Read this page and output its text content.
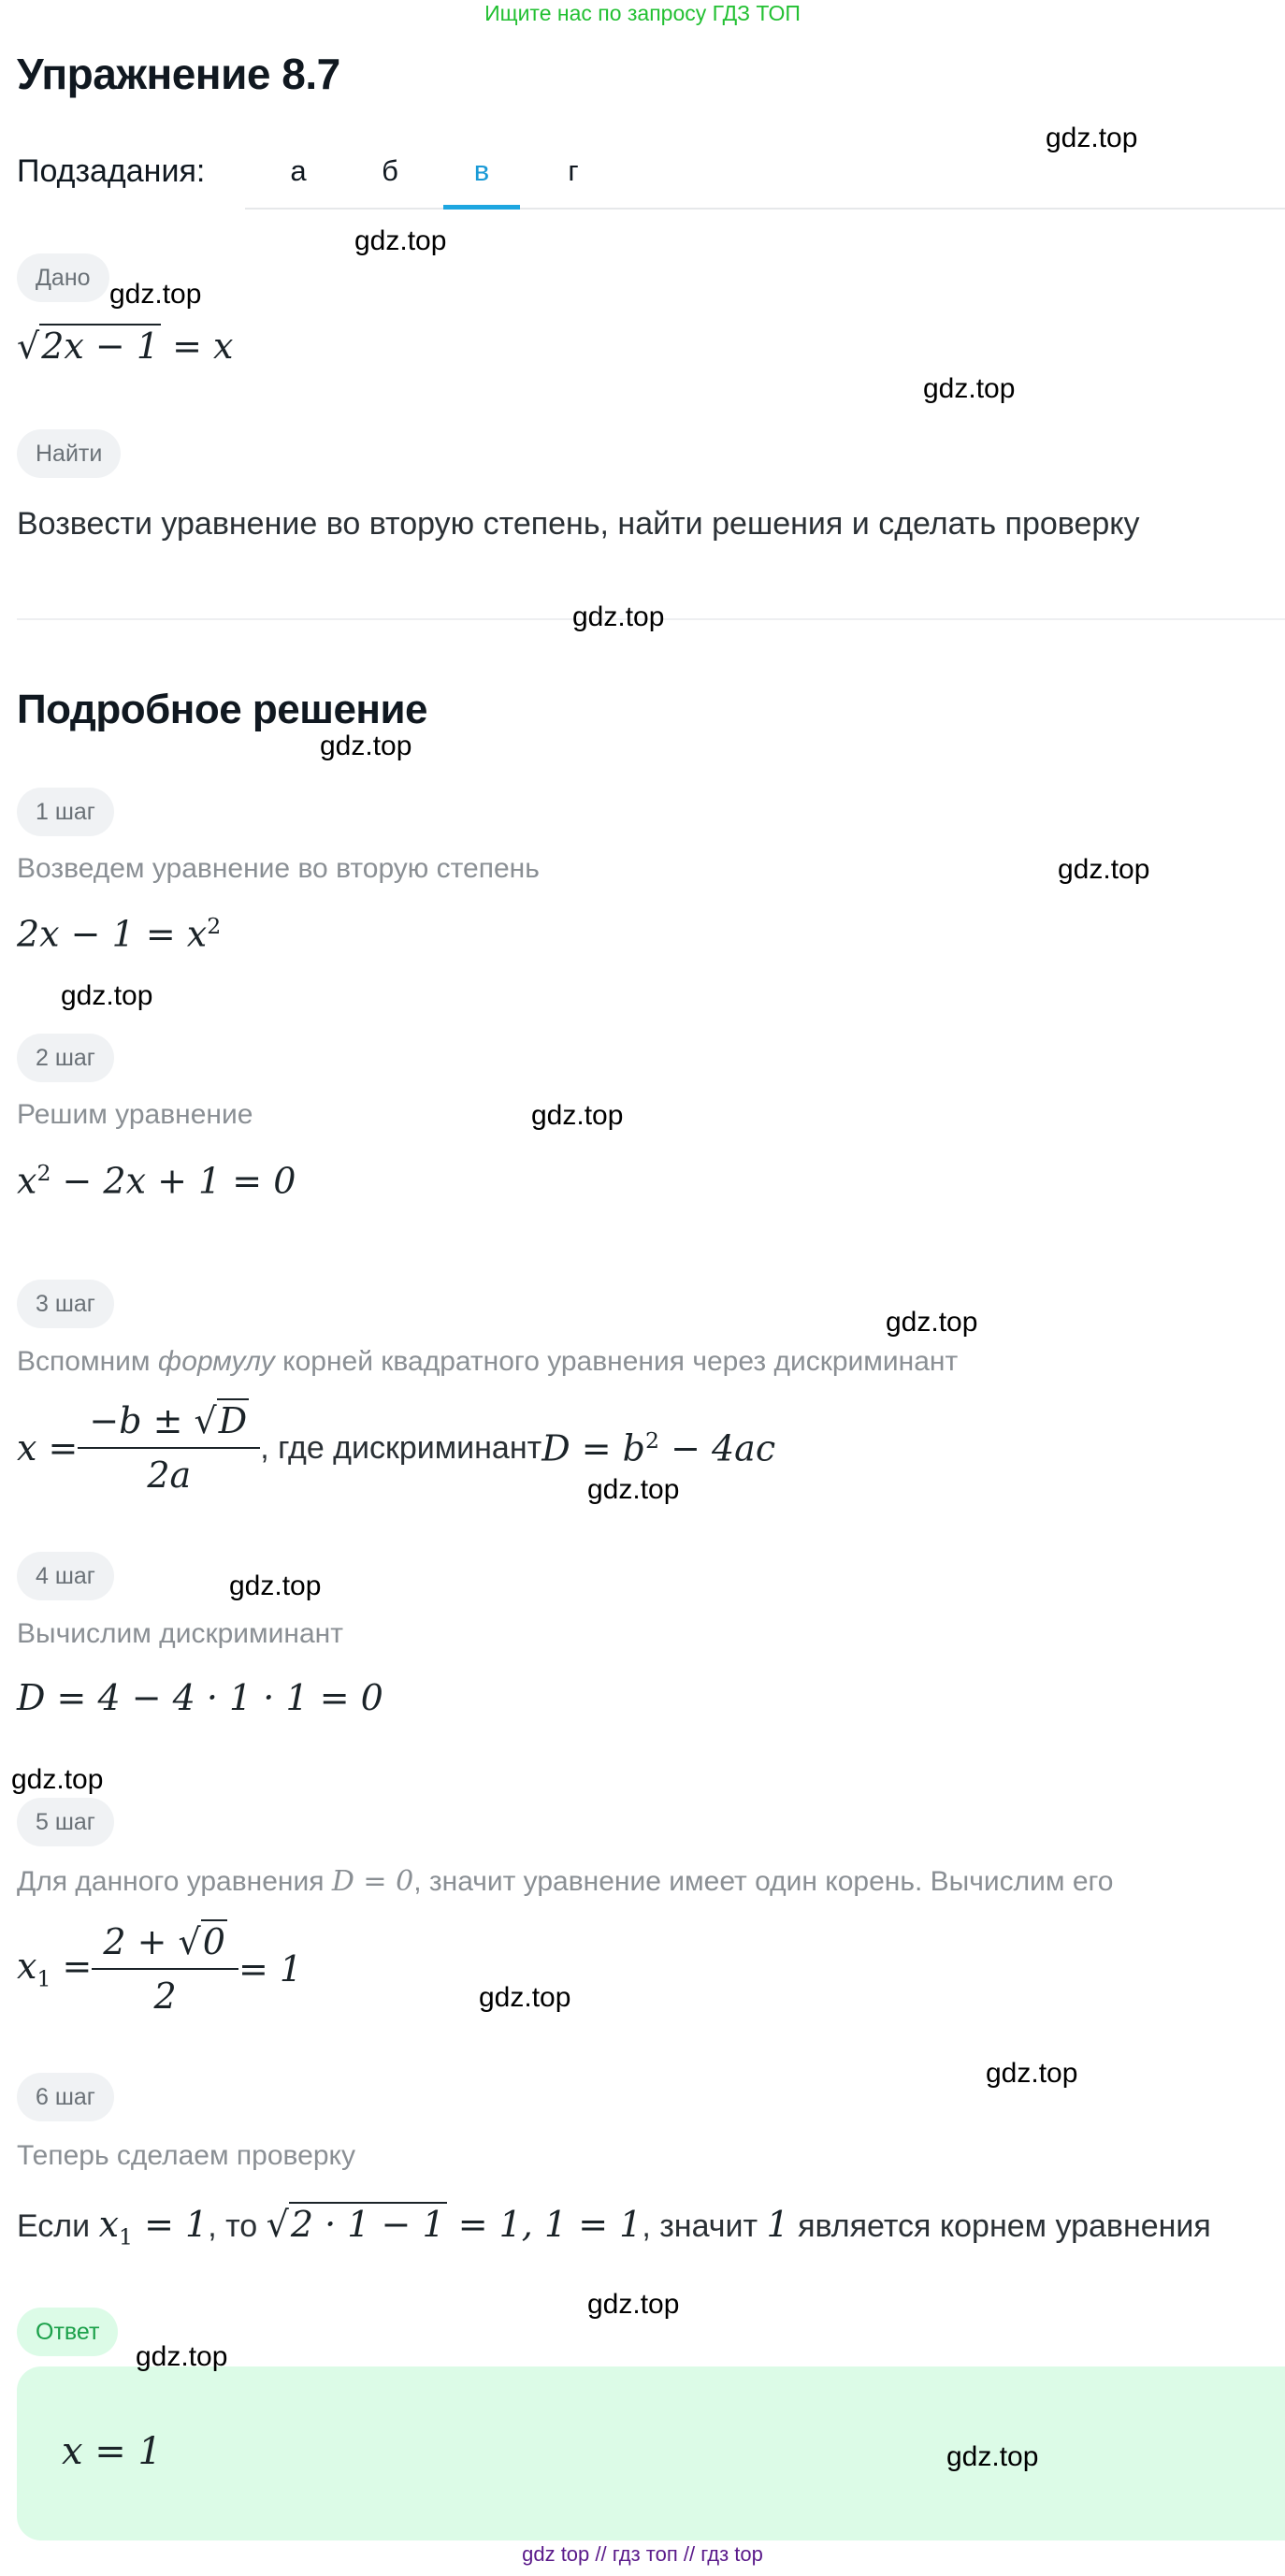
Ищите нас по запросу ГДЗ ТОП
Упражнение 8.7
Подзадания:	а	б	в	г
Дано
√2x − 1 = x
Найти
Возвести уравнение во вторую степень, найти решения и сделать проверку
Подробное решение
1 шаг
Возведем уравнение во вторую степень
$2x - 1 = x^2$
2 шаг
Решим уравнение
$x^2 - 2x + 1 = 0$
3 шаг
Вспомним формулу корней квадратного уравнения через дискриминант
$x = \frac{-b \pm √D}{2a}$ , где дискриминант $D = b^2 - 4ac$
4 шаг
Вычислим дискриминант
D = 4 − 4 · 1 · 1 = 0
5 шаг
Для данного уравнения D = 0, значит уравнение имеет один корень. Вычислим его
$x_1 = \frac{2 + √0}{2} = 1$
6 шаг
Теперь сделаем проверку
Если $x_1 = 1$, то √2 · 1 − 1 = 1, 1 = 1, значит 1 является корнем уравнения
Ответ
x = 1
gdz top // гдз топ // гдз top
gdz.top
gdz.top
gdz.top
gdz.top
gdz.top
gdz.top
gdz.top
gdz.top
gdz.top
gdz.top
gdz.top
gdz.top
gdz.top
gdz.top
gdz.top
gdz.top
gdz.top
gdz.top
